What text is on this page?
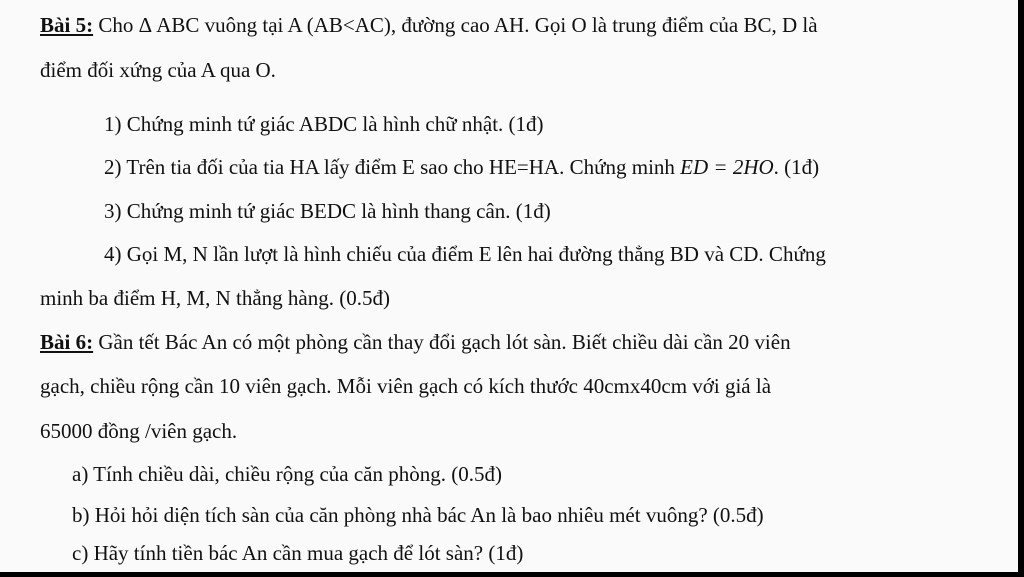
Bài 5: Cho Δ ABC vuông tại A (AB<AC), đường cao AH. Gọi O là trung điểm của BC, D là
điểm đối xứng của A qua O.
1) Chứng minh tứ giác ABDC là hình chữ nhật. (1đ)
2) Trên tia đối của tia HA lấy điểm E sao cho HE=HA. Chứng minh ED = 2HO. (1đ)
3) Chứng minh tứ giác BEDC là hình thang cân. (1đ)
4) Gọi M, N lần lượt là hình chiếu của điểm E lên hai đường thẳng BD và CD. Chứng
minh ba điểm H, M, N thẳng hàng. (0.5đ)
Bài 6: Gần tết Bác An có một phòng cần thay đổi gạch lót sàn. Biết chiều dài cần 20 viên
gạch, chiều rộng cần 10 viên gạch. Mỗi viên gạch có kích thước 40cmx40cm với giá là
65000 đồng /viên gạch.
a) Tính chiều dài, chiều rộng của căn phòng. (0.5đ)
b) Hỏi hỏi diện tích sàn của căn phòng nhà bác An là bao nhiêu mét vuông? (0.5đ)
c) Hãy tính tiền bác An cần mua gạch để lót sàn? (1đ)
